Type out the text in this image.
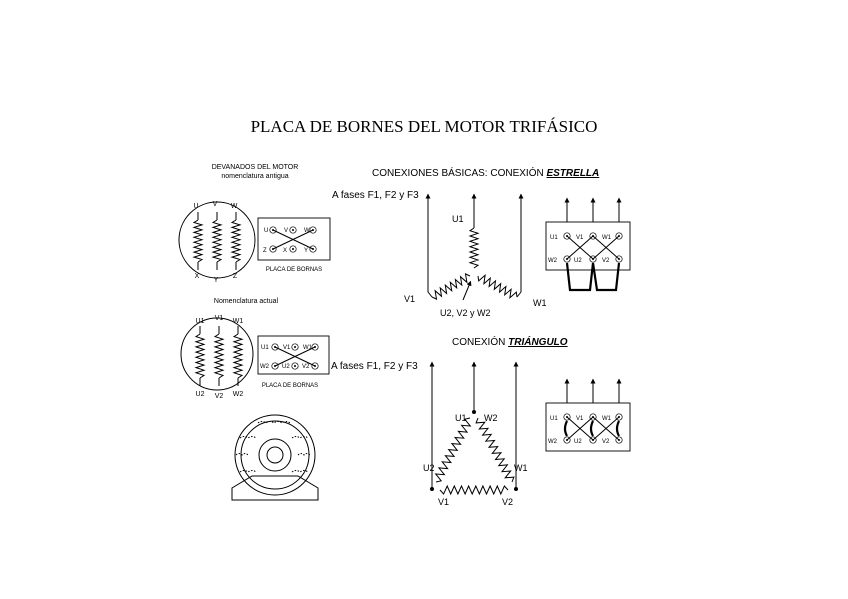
PLACA DE BORNES DEL MOTOR TRIFÁSICO
DEVANADOS DEL MOTOR
nomenclatura antigua
U V W
X
Y
Z
U	V	W
Z	X	Y
PLACA DE BORNAS
Nomenclatura actual
U1 V1 W1
U2 V2 W2
U1 V1 W1
W2 U2 V2
PLACA DE BORNAS
CONEXIONES BÁSICAS: CONEXIÓN ESTRELLA
A fases F1, F2 y F3
U1
V1	W1
U2, V2 y W2
U1	V1	W1
W2	U2	V2
CONEXIÓN TRIÁNGULO
A fases F1, F2 y F3
U1 W2
U2	W1
V1	V2
U1	V1	W1
W2	U2	V2
